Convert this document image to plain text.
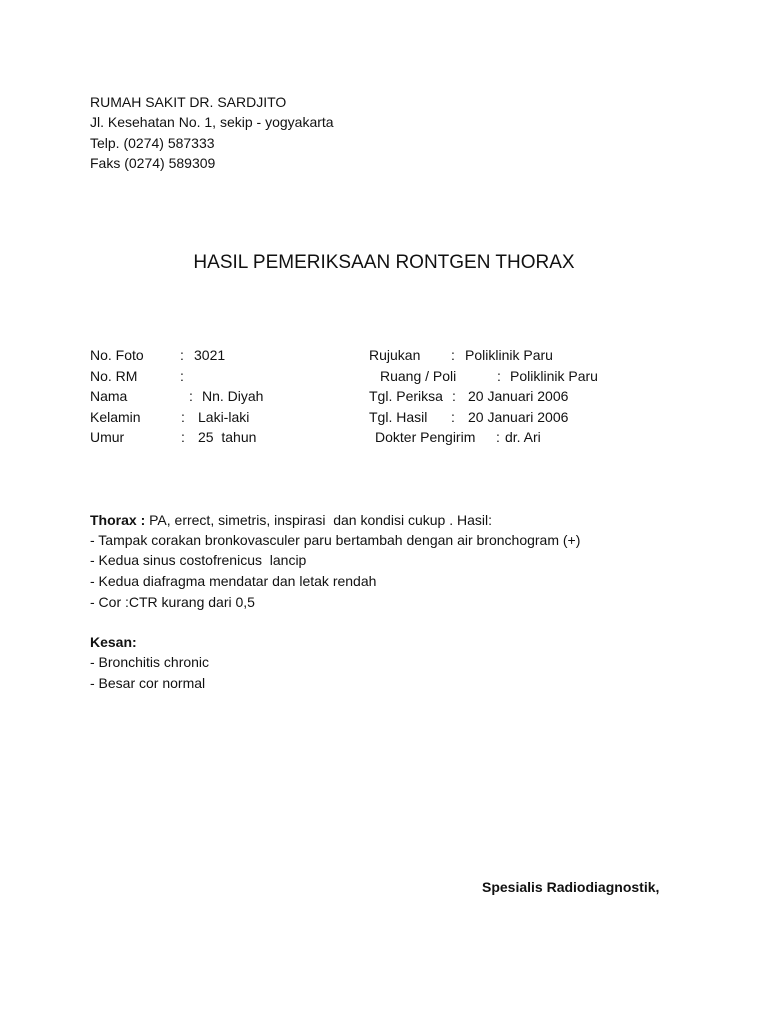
RUMAH SAKIT DR. SARDJITO
Jl. Kesehatan No. 1, sekip - yogyakarta
Telp. (0274) 587333
Faks (0274) 589309
HASIL PEMERIKSAAN RONTGEN THORAX
No. Foto	: 3021
No. RM	:
Nama	: Nn. Diyah
Kelamin	: Laki-laki
Umur	: 25  tahun
Rujukan : Poliklinik Paru
Ruang / Poli	: Poliklinik Paru
Tgl. Periksa : 20 Januari 2006
Tgl. Hasil : 20 Januari 2006
Dokter Pengirim : dr. Ari
Thorax : PA, errect, simetris, inspirasi  dan kondisi cukup . Hasil:
- Tampak corakan bronkovasculer paru bertambah dengan air bronchogram (+)
- Kedua sinus costofrenicus  lancip
- Kedua diafragma mendatar dan letak rendah
- Cor :CTR kurang dari 0,5
Kesan:
- Bronchitis chronic
- Besar cor normal
Spesialis Radiodiagnostik,
